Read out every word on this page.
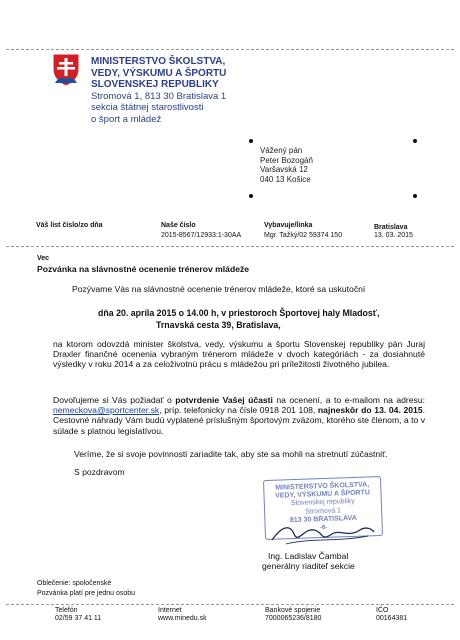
MINISTERSTVO ŠKOLSTVA,
VEDY, VÝSKUMU A ŠPORTU
SLOVENSKEJ REPUBLIKY
Stromová 1, 813 30 Bratislava 1
sekcia štátnej starostlivosti
o šport a mládež
Vážený pán
Peter Bozogáň
Varšavská 12
040 13 Košice
Váš list číslo/zo dňa	Naše číslo
2015-8567/12933:1-30AA
Vybavuje/linka
Mgr. Tažký/02 59374 150
Bratislava
13. 03. 2015
Vec
Pozvánka na slávnostné ocenenie trénerov mládeže
Pozývame Vás na slávnostné ocenenie trénerov mládeže, ktoré sa uskutoční
dňa 20. apríla 2015 o 14.00 h, v priestoroch Športovej haly Mladosť,
Trnavská cesta 39, Bratislava,
na ktorom odovzdá minister školstva, vedy, výskumu a športu Slovenskej republiky pán Juraj Draxler finančné ocenenia vybraným trénerom mládeže v dvoch kategóriách - za dosiahnuté výsledky v roku 2014 a za celoživotnú prácu s mládežou pri príležitosti životného jubilea.
Dovoľujeme si Vás požiadať o potvrdenie Vašej účasti na ocenení, a to e-mailom na adresu: nemeckova@sportcenter.sk, príp. telefonicky na čísle 0918 201 108, najneskôr do 13. 04. 2015. Cestovné náhrady Vám budú vyplatené príslušným športovým zväzom, ktorého ste členom, a to v súlade s platnou legislatívou.
Veríme, že si svoje povinnosti zariadite tak, aby ste sa mohli na stretnutí zúčastniť.
S pozdravom
MINISTERSTVO ŠKOLSTVA,
VEDY, VÝSKUMU A ŠPORTU
Slovenskej republiky
Stromová 1
813 30 BRATISLAVA
-8-
Ing. Ladislav Čambal
generálny riaditeľ sekcie
Oblečenie: spoločenské
Pozvánka platí pre jednu osobu
Telefón
02/59 37 41 11
Internet
www.minedu.sk
Bankové spojenie
7000065236/8180
IČO
00164381
